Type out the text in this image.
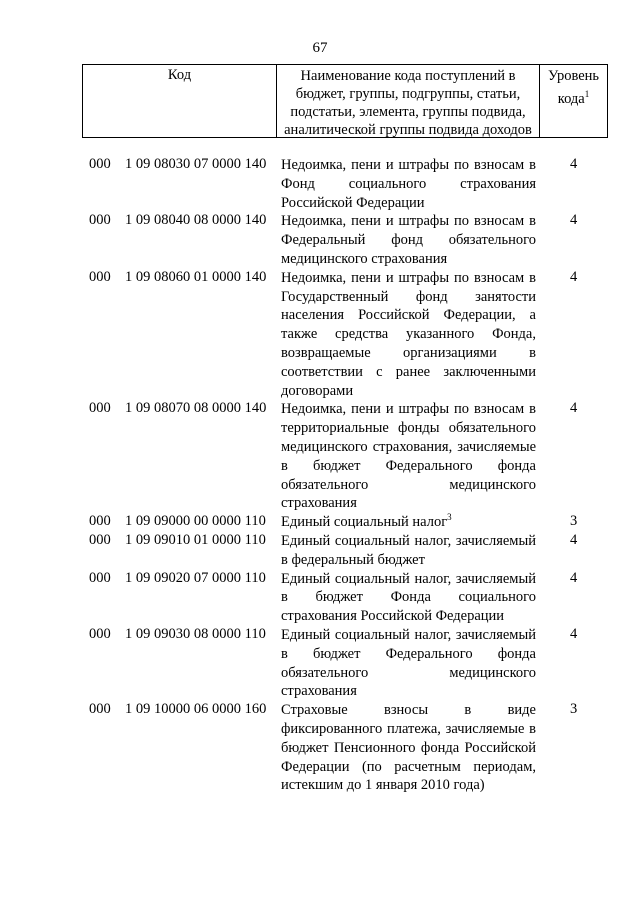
67
Код	Наименование кода поступлений в бюджет, группы, подгруппы, статьи, подстатьи, элемента, группы подвида, аналитической группы подвида доходов
Уровень кода$^1$
000 1 09 08030 07 0000 140 Недоимка, пени и штрафы по взносам в Фонд социального страхования Российской Федерации
4
000 1 09 08040 08 0000 140 Недоимка, пени и штрафы по взносам в Федеральный фонд обязательного медицинского страхования
4
000 1 09 08060 01 0000 140 Недоимка, пени и штрафы по взносам в Государственный фонд занятости населения Российской Федерации, а также средства указанного Фонда, возвращаемые организациями в соответствии с ранее заключенными договорами
4
000 1 09 08070 08 0000 140 Недоимка, пени и штрафы по взносам в территориальные фонды обязательного медицинского страхования, зачисляемые в бюджет Федерального фонда обязательного медицинского страхования
4
000 1 09 09000 00 0000 110 Единый социальный налог$^3$	3
000 1 09 09010 01 0000 110 Единый социальный налог, зачисляемый в федеральный бюджет
4
000 1 09 09020 07 0000 110 Единый социальный налог, зачисляемый в бюджет Фонда социального страхования Российской Федерации
4
000 1 09 09030 08 0000 110 Единый социальный налог, зачисляемый в бюджет Федерального фонда обязательного медицинского страхования
4
000 1 09 10000 06 0000 160 Страховые взносы в виде фиксированного платежа, зачисляемые в бюджет Пенсионного фонда Российской Федерации (по расчетным периодам, истекшим до 1 января 2010 года)
3
